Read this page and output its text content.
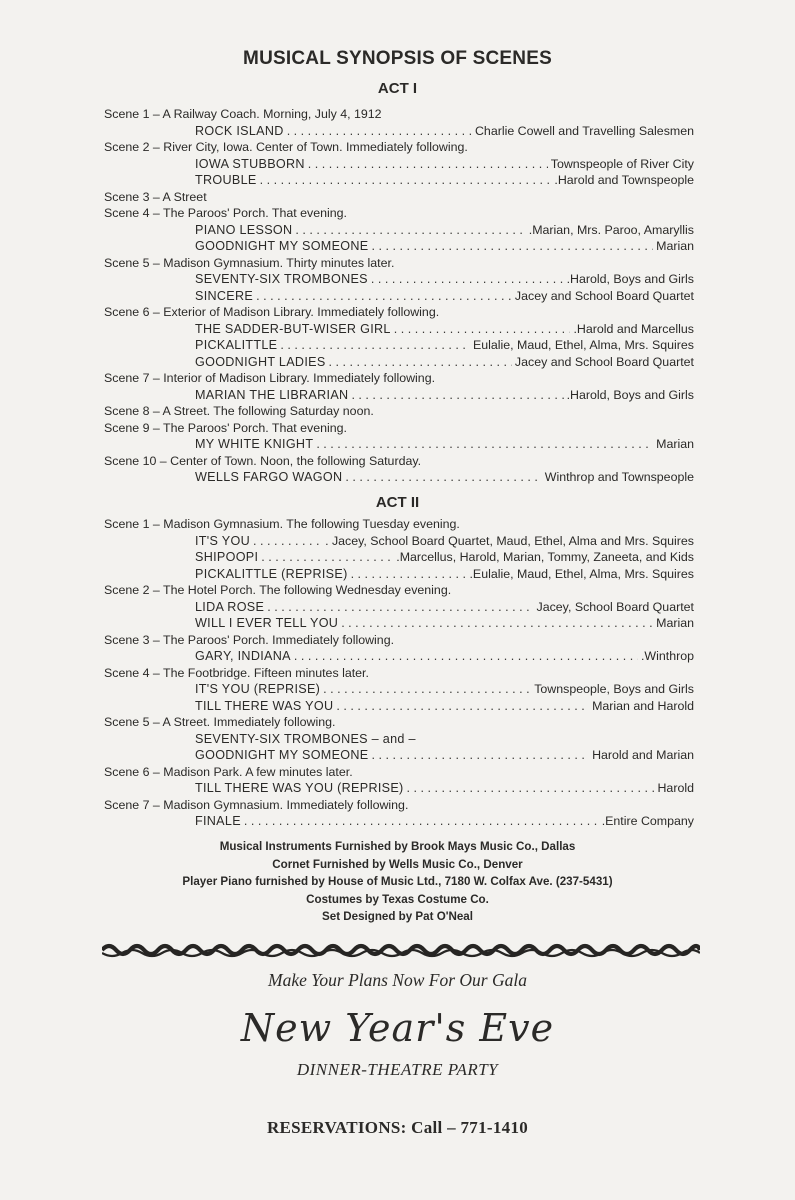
MUSICAL SYNOPSIS OF SCENES
ACT I
Scene 1 – A Railway Coach. Morning, July 4, 1912
ROCK ISLAND . . .	Charlie Cowell and Travelling Salesmen
Scene 2 – River City, Iowa. Center of Town. Immediately following.
IOWA STUBBORN . . .	Townspeople of River City
TROUBLE . . .	.Harold and Townspeople
Scene 3 – A Street
Scene 4 – The Paroos' Porch. That evening.
PIANO LESSON . . .	.Marian, Mrs. Paroo, Amaryllis
GOODNIGHT MY SOMEONE . . .	Marian
Scene 5 – Madison Gymnasium. Thirty minutes later.
SEVENTY-SIX TROMBONES . . .	.Harold, Boys and Girls
SINCERE . . .	Jacey and School Board Quartet
Scene 6 – Exterior of Madison Library. Immediately following.
THE SADDER-BUT-WISER GIRL . . .	.Harold and Marcellus
PICKALITTLE . . .	Eulalie, Maud, Ethel, Alma, Mrs. Squires
GOODNIGHT LADIES . . .	Jacey and School Board Quartet
Scene 7 – Interior of Madison Library. Immediately following.
MARIAN THE LIBRARIAN . . .	.Harold, Boys and Girls
Scene 8 – A Street. The following Saturday noon.
Scene 9 – The Paroos' Porch. That evening.
MY WHITE KNIGHT . . .	Marian
Scene 10 – Center of Town. Noon, the following Saturday.
WELLS FARGO WAGON . . .	Winthrop and Townspeople
ACT II
Scene 1 – Madison Gymnasium. The following Tuesday evening.
IT'S YOU . . .	. Jacey, School Board Quartet, Maud, Ethel, Alma and Mrs. Squires
SHIPOOPI . . .	.Marcellus, Harold, Marian, Tommy, Zaneeta, and Kids
PICKALITTLE (REPRISE) . . .	.Eulalie, Maud, Ethel, Alma, Mrs. Squires
Scene 2 – The Hotel Porch. The following Wednesday evening.
LIDA ROSE . . .	Jacey, School Board Quartet
WILL I EVER TELL YOU . . .	Marian
Scene 3 – The Paroos' Porch. Immediately following.
GARY, INDIANA . . .	.Winthrop
Scene 4 – The Footbridge. Fifteen minutes later.
IT'S YOU (REPRISE) . . .	Townspeople, Boys and Girls
TILL THERE WAS YOU . . .	Marian and Harold
Scene 5 – A Street. Immediately following.
SEVENTY-SIX TROMBONES – and –
GOODNIGHT MY SOMEONE . . .	Harold and Marian
Scene 6 – Madison Park. A few minutes later.
TILL THERE WAS YOU (REPRISE) . . .	Harold
Scene 7 – Madison Gymnasium. Immediately following.
FINALE . . .	.Entire Company
Musical Instruments Furnished by Brook Mays Music Co., Dallas
Cornet Furnished by Wells Music Co., Denver
Player Piano furnished by House of Music Ltd., 7180 W. Colfax Ave. (237-5431)
Costumes by Texas Costume Co.
Set Designed by Pat O'Neal
Make Your Plans Now For Our Gala
New Year's Eve
DINNER-THEATRE PARTY
RESERVATIONS: Call – 771-1410
